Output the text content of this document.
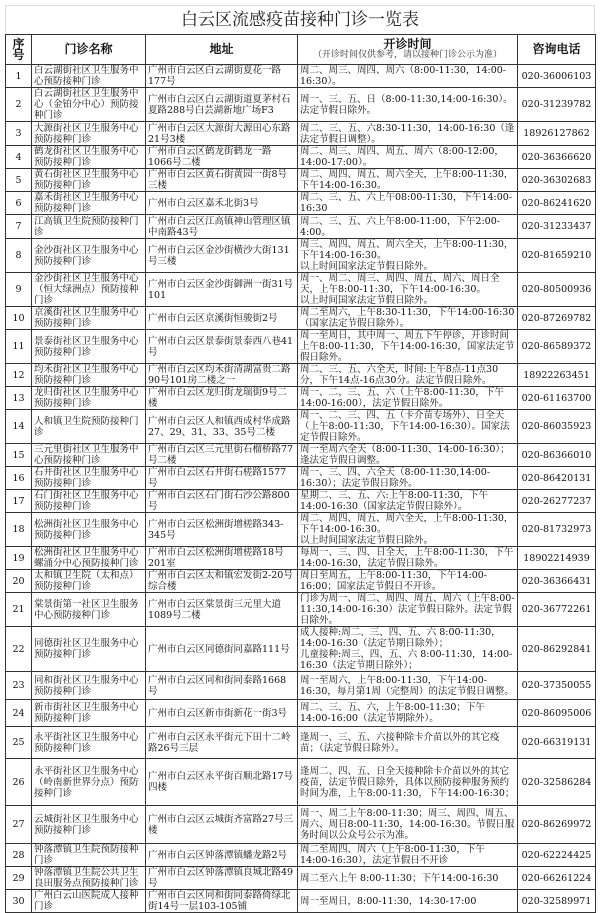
白云区流感疫苗接种门诊一览表
序号	门诊名称	地址	开诊时间
（开诊时间仅供参考，请以接种门诊公示为准）	咨询电话
1	白云湖街社区卫生服务中心预防接种门诊	广州市白云区白云湖街夏花一路177号	周二、周三、周四、周六（8:00-11:30，14:00-16:30）。	020-36006103
2	白云湖街社区卫生服务中心（金铂分中心）预防接种门诊	广州市白云区白云湖街道夏茅村石夏路288号白芸湖新地广场F3	周一、三、五、日（8:00-11:30,14:00-16:30）。法定节假日除外。	020-31239782
3	大源街社区卫生服务中心预防接种门诊	广州市白云区大源街大源田心东路21号3楼	周二、三、五、六8:30-11:30，14:00-16:30（逢法定节假日调整）。	18926127862
4	鹤龙街社区卫生服务中心预防接种门诊	广州市白云区鹤龙街鹤龙一路1066号二楼	周二、周三、周四、周五、周六（8:00-12:00，14:00-17:00）。	020-36366620
5	黄石街社区卫生服务中心预防接种门诊	广州市白云区黄石街黄园一街8号三楼	周二、周四、周五、周六全天，上午8:00-11:30，下午14:00-16:30。	020-36302683
6	嘉禾街社区卫生服务中心预防接种门诊	广州市白云区嘉禾北街3号	周二、三、五、六上午08:00-11:30，下午14:00-16:30	020-86241620
7	江高镇卫生院预防接种门诊	广州市白云区江高镇神山管理区镇中南路43号	周二、三、五、六上午8:00-11:00，下午2:00-4:00。	020-31233437
8	金沙街社区卫生服务中心预防接种门诊	广州市白云区金沙街横沙大街131号三楼	周三、周四、周五、周六全天，上午8:00-11:30，下午14:00-16:30。
以上时间国家法定节假日除外。	020-81659210
9	金沙街社区卫生服务中心（恒大绿洲点）预防接种门诊	广州市白云区金沙街御洲一街31号101	周一、周二、周三、周四、周五、周六、周日全天，上午8:00-11:30，下午14:00-16:30。
以上时间国家法定节假日除外。	020-80500936
10	京溪街社区卫生服务中心预防接种门诊	广州市白云区京溪街恒骏街2号	周二至周六，上午8:30-11:30，下午14:00-16:30（国家法定节假日除外）。	020-87269782
11	景泰街社区卫生服务中心预防接种门诊	广州市白云区景泰街景泰西八巷41号	周一至周日，其中周一、周五下午停诊，开诊时间上午8:00-11:30，下午14:00-16:30，国家法定节假日除外。	020-86589372
12	均禾街社区卫生服务中心预防接种门诊	广州市白云区均禾街清湖富贵二路90号101房二楼之一	周二、三、五、六全天，时间:上午8点-11点30分，下午14点-16点30分。法定节假日除外。	18922263451
13	龙归街社区卫生服务中心预防接种门诊	广州市白云区龙归街龙瑞街9号二楼	周一、二、三、五、六（上午8:00-11:30，下午14:00-16:00），法定节假日除外。	020-61163700
14	人和镇卫生院预防接种门诊	广州市白云区人和镇西成村华成路27、29、31、33、35号二楼	周一、二、三、四、五（卡介苗专场外）、日全天（上午8:00-11:30，下午14:00-16:30）。国家法定节假日除外。	020-86035923
15	三元里街社区卫生服务中心预防接种门诊	广州市白云区三元里街石榴桥路77号二楼	周一至周六全天（8:00-11:30、14:00-16:30）；逢法定节假日调整。	020-86366010
16	石井街社区卫生服务中心预防接种门诊	广州市白云区石井街石槎路1577号	周一、三、四、六全天（8:00-11:30,14:00-16:30）；法定节假日除外。	020-86420131
17	石门街社区卫生服务中心预防接种门诊	广州市白云区石门街石沙公路800号	星期二、三、五、六:上午8:00-11:30，下午14:00-16:30（国家法定节假日除外）。	020-26277237
18	松洲街社区卫生服务中心预防接种门诊	广州市白云区松洲街增槎路343-345号	周二、周四、周五、周六全天，上午8:00-11:30，下午14:00-16:30。
以上时间国家法定节假日除外。	020-81732973
19	松洲街社区卫生服务中心螺涌分中心预防接种门诊	广州市白云区松洲街增槎路18号201室	每周一、三、四、日全天，上午8:00-11:30，下午14:00-16:30，法定节假日除外。	18902214939
20	太和镇卫生院（太和点）预防接种门诊	广州市白云区太和镇宏发街2-20号综合楼	周日至周五，上午8:00-11:30，下午14:00-16:00；国家法定节假日不开诊。	020-36366431
21	棠景街第一社区卫生服务中心预防接种门诊	广州市白云区棠景街三元里大道1089号二楼	门诊为周一、周二、周四、周五、周六（上午8:00-11:30,14:00-16:30）法定节假日除外。法定节假日除外。	020-36772261
22	同德街社区卫生服务中心预防接种门诊	广州市白云区同德街同嘉路111号	成人接种:周二、三、四、五、六 8:00-11:30，14:00-16:30（法定节期日除外）；
儿童接种:周三、四、五、六 8:00-11:30，14:00-16:30（法定节期日除外）；	020-86292841
23	同和街社区卫生服务中心预防接种门诊	广州市白云区同和街同泰路1668号	周一至周六，上午8:00-11:30，下午14:00-16:30，每月第1周（完整周）的法定节假日调整。	020-37350055
24	新市街社区卫生服务中心预防接种门诊	广州市白云区新市街新花一街3号	周二、三、五、六，上午8:00-11:30；下午14:00-16:00（法定节期除外）。	020-86095006
25	永平街社区卫生服务中心预防接种门诊	广州市白云区永平街元下田十二岭路26号三层	逢周一、三、五、六接种除卡介苗以外的其它疫苗；（法定节假日除外）。	020-66319131
26	永平街社区卫生服务中心（岭南新世界分点）预防接种门诊	广州市白云区永平街百顺北路17号四楼	逢周二、四、五、日全天接种除卡介苗以外的其它疫苗，法定节假日除外，具体以预防接种服务预约时间为准，上午8:00-11:30，下午14:00-16:30；	020-32586284
27	云城街社区卫生服务中心预防接种门诊	广州市白云区云城街齐富路27号三楼	周一、周二上午8:00-11:30；周三、周四、周五、周六、周日8:00-11:30，14:00-16:30。节假日服务时间以公众号公示为准。	020-86269972
28	钟落潭镇卫生院预防接种门诊	广州市白云区钟落潭镇蟠龙路2号	周二至周四、周六（上午8:00-11:30，下午14:00-16:30），法定节假日不开诊	020-62224425
29	钟落潭镇卫生院公共卫生良田服务点预防接种门诊	广州市白云区钟落潭镇良城北路49号	周二至六上午 8:00-11:30；下午14:00-16:30	020-66261224
30	广州白云山医院成人接种门诊	广州市白云区同和街同泰路倚绿北街14号一层103-105铺	周一至周日，8:00-11:30，14:30-17:00	020-32589971
